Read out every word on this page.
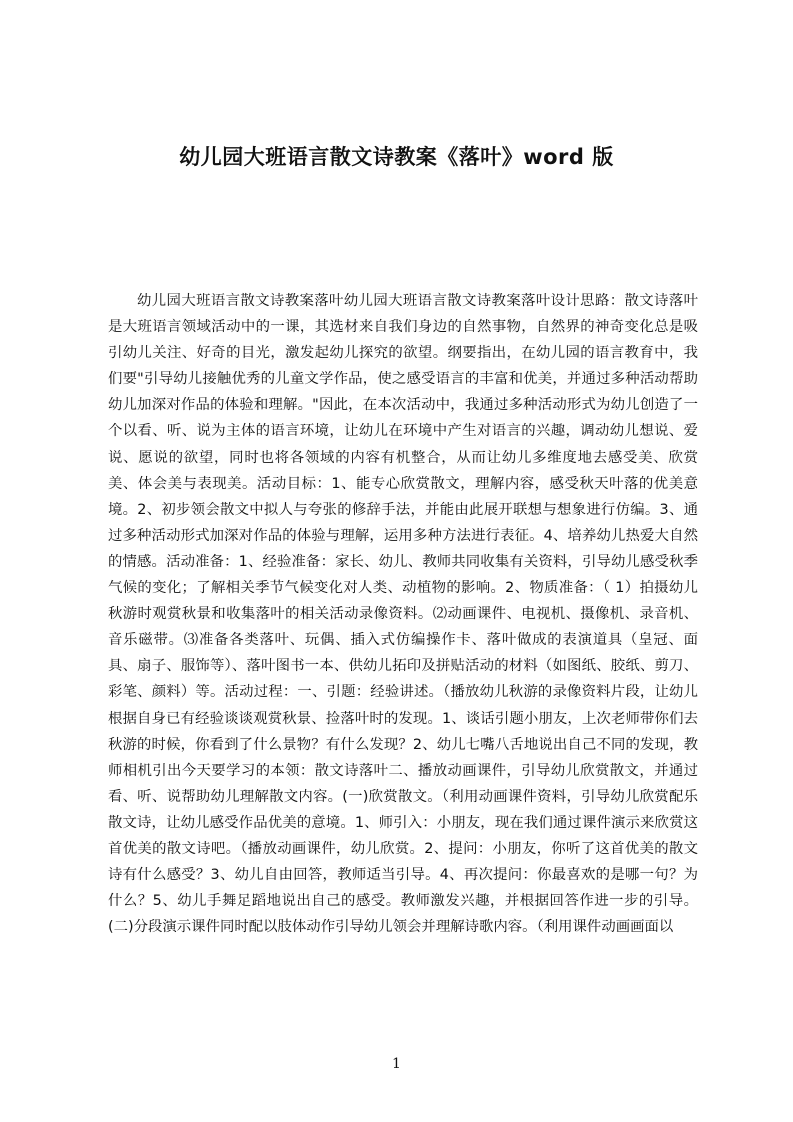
幼儿园大班语言散文诗教案《落叶》word 版

幼儿园大班语言散文诗教案落叶幼儿园大班语言散文诗教案落叶设计思路：散文诗落叶是大班语言领域活动中的一课，其选材来自我们身边的自然事物，自然界的神奇变化总是吸引幼儿关注、好奇的目光，激发起幼儿探究的欲望。纲要指出，在幼儿园的语言教育中，我们要"引导幼儿接触优秀的儿童文学作品，使之感受语言的丰富和优美，并通过多种活动帮助幼儿加深对作品的体验和理解。"因此，在本次活动中，我通过多种活动形式为幼儿创造了一个以看、听、说为主体的语言环境，让幼儿在环境中产生对语言的兴趣，调动幼儿想说、爱说、愿说的欲望，同时也将各领域的内容有机整合，从而让幼儿多维度地去感受美、欣赏美、体会美与表现美。活动目标：1、能专心欣赏散文，理解内容，感受秋天叶落的优美意境。2、初步领会散文中拟人与夸张的修辞手法，并能由此展开联想与想象进行仿编。3、通过多种活动形式加深对作品的体验与理解，运用多种方法进行表征。4、培养幼儿热爱大自然的情感。活动准备：1、经验准备：家长、幼儿、教师共同收集有关资料，引导幼儿感受秋季气候的变化；了解相关季节气候变化对人类、动植物的影响。2、物质准备：（ 1）拍摄幼儿秋游时观赏秋景和收集落叶的相关活动录像资料。⑵动画课件、电视机、摄像机、录音机、音乐磁带。⑶准备各类落叶、玩偶、插入式仿编操作卡、落叶做成的表演道具（皇冠、面具、扇子、服饰等）、落叶图书一本、供幼儿拓印及拼贴活动的材料（如图纸、胶纸、剪刀、彩笔、颜料）等。活动过程：一、引题：经验讲述。（播放幼儿秋游的录像资料片段，让幼儿根据自身已有经验谈谈观赏秋景、捡落叶时的发现。1、谈话引题小朋友，上次老师带你们去秋游的时候，你看到了什么景物？有什么发现？2、幼儿七嘴八舌地说出自己不同的发现，教师相机引出今天要学习的本领：散文诗落叶二、播放动画课件，引导幼儿欣赏散文，并通过看、听、说帮助幼儿理解散文内容。(一)欣赏散文。（利用动画课件资料，引导幼儿欣赏配乐散文诗，让幼儿感受作品优美的意境。1、师引入：小朋友，现在我们通过课件演示来欣赏这首优美的散文诗吧。（播放动画课件，幼儿欣赏。2、提问：小朋友，你听了这首优美的散文诗有什么感受？3、幼儿自由回答，教师适当引导。4、再次提问：你最喜欢的是哪一句？为什么？5、幼儿手舞足蹈地说出自己的感受。教师激发兴趣，并根据回答作进一步的引导。(二)分段演示课件同时配以肢体动作引导幼儿领会并理解诗歌内容。（利用课件动画画面以

1
